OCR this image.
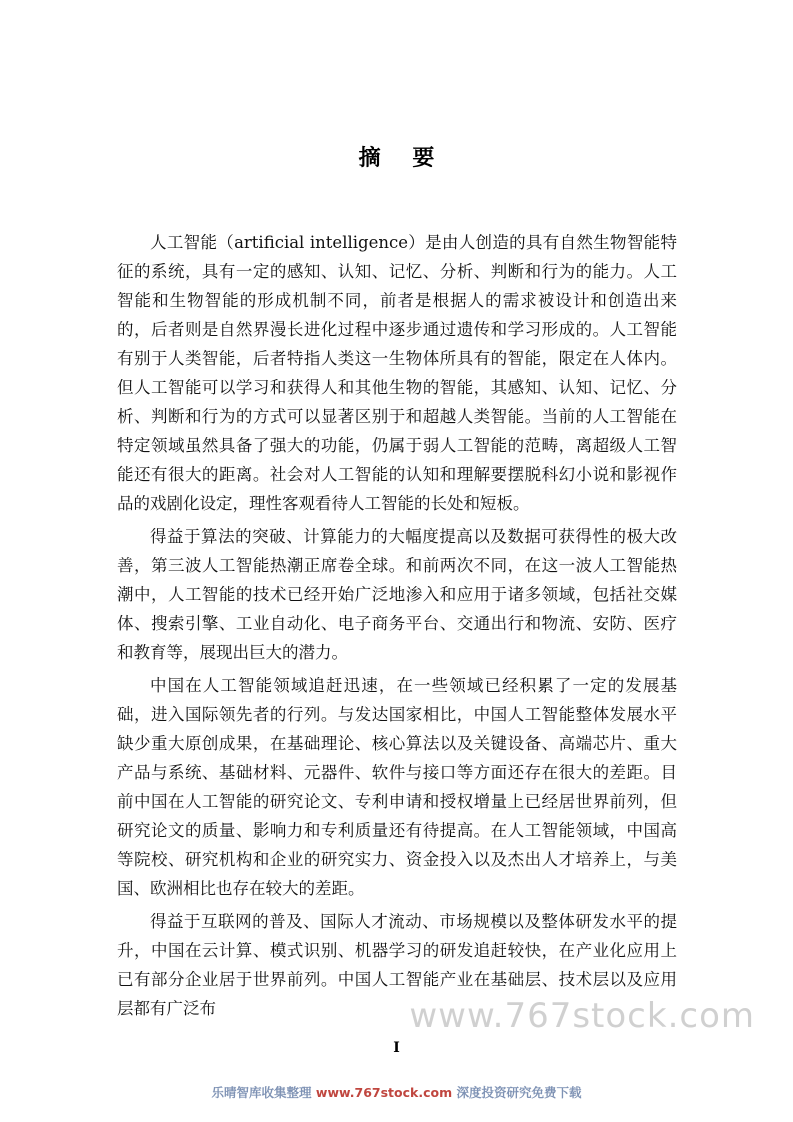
摘 要

人工智能（artificial intelligence）是由人创造的具有自然生物智能特征的系统，具有一定的感知、认知、记忆、分析、判断和行为的能力。人工智能和生物智能的形成机制不同，前者是根据人的需求被设计和创造出来的，后者则是自然界漫长进化过程中逐步通过遗传和学习形成的。人工智能有别于人类智能，后者特指人类这一生物体所具有的智能，限定在人体内。但人工智能可以学习和获得人和其他生物的智能，其感知、认知、记忆、分析、判断和行为的方式可以显著区别于和超越人类智能。当前的人工智能在特定领域虽然具备了强大的功能，仍属于弱人工智能的范畴，离超级人工智能还有很大的距离。社会对人工智能的认知和理解要摆脱科幻小说和影视作品的戏剧化设定，理性客观看待人工智能的长处和短板。

得益于算法的突破、计算能力的大幅度提高以及数据可获得性的极大改善，第三波人工智能热潮正席卷全球。和前两次不同，在这一波人工智能热潮中，人工智能的技术已经开始广泛地渗入和应用于诸多领域，包括社交媒体、搜索引擎、工业自动化、电子商务平台、交通出行和物流、安防、医疗和教育等，展现出巨大的潜力。

中国在人工智能领域追赶迅速，在一些领域已经积累了一定的发展基础，进入国际领先者的行列。与发达国家相比，中国人工智能整体发展水平缺少重大原创成果，在基础理论、核心算法以及关键设备、高端芯片、重大产品与系统、基础材料、元器件、软件与接口等方面还存在很大的差距。目前中国在人工智能的研究论文、专利申请和授权增量上已经居世界前列，但研究论文的质量、影响力和专利质量还有待提高。在人工智能领域，中国高等院校、研究机构和企业的研究实力、资金投入以及杰出人才培养上，与美国、欧洲相比也存在较大的差距。

得益于互联网的普及、国际人才流动、市场规模以及整体研发水平的提升，中国在云计算、模式识别、机器学习的研发追赶较快，在产业化应用上已有部分企业居于世界前列。中国人工智能产业在基础层、技术层以及应用层都有广泛布	www.767stock.com
I
乐晴智库收集整理 www.767stock.com 深度投资研究免费下载
